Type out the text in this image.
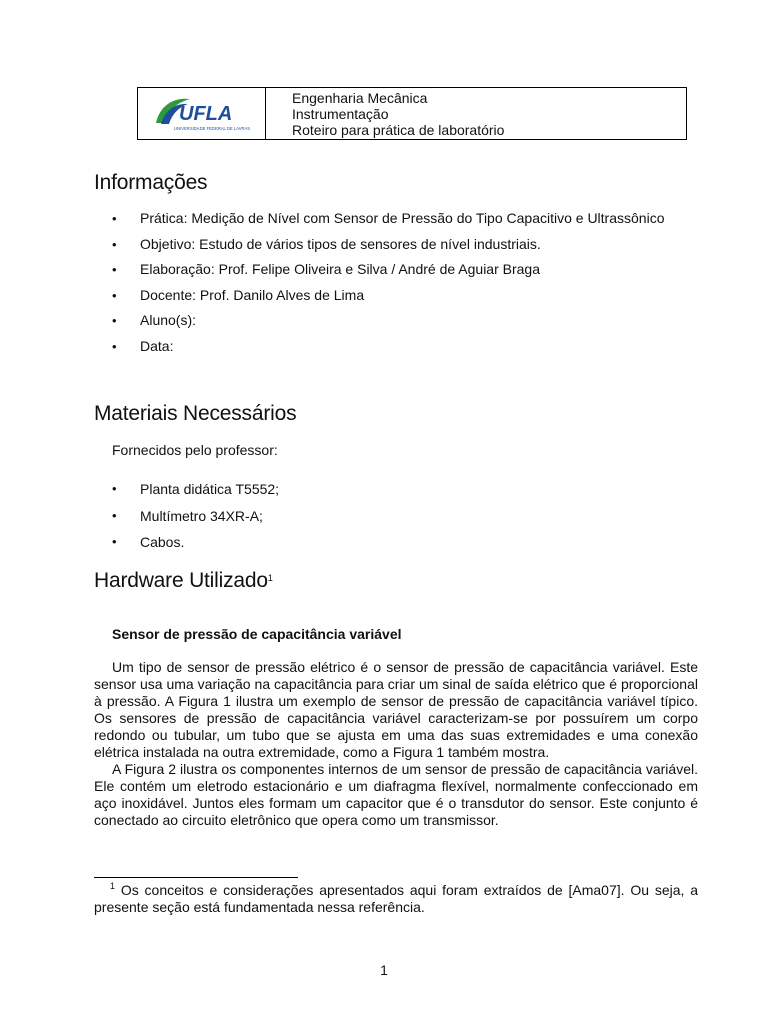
UFLA
UNIVERSIDADE FEDERAL DE LAVRAS
Engenharia Mecânica
Instrumentação
Roteiro para prática de laboratório
Informações
• Prática: Medição de Nível com Sensor de Pressão do Tipo Capacitivo e Ultrassônico
• Objetivo: Estudo de vários tipos de sensores de nível industriais.
• Elaboração: Prof. Felipe Oliveira e Silva / André de Aguiar Braga
• Docente: Prof. Danilo Alves de Lima
• Aluno(s):
• Data:
Materiais Necessários
Fornecidos pelo professor:
• Planta didática T5552;
• Multímetro 34XR-A;
• Cabos.
Hardware Utilizado$^1$
Sensor de pressão de capacitância variável

Um tipo de sensor de pressão elétrico é o sensor de pressão de capacitância variável. Este sensor usa uma variação na capacitância para criar um sinal de saída elétrico que é proporcional à pressão. A Figura 1 ilustra um exemplo de sensor de pressão de capacitância variável típico. Os sensores de pressão de capacitância variável caracterizam-se por possuírem um corpo redondo ou tubular, um tubo que se ajusta em uma das suas extremidades e uma conexão elétrica instalada na outra extremidade, como a Figura 1 também mostra.

A Figura 2 ilustra os componentes internos de um sensor de pressão de capacitância variável. Ele contém um eletrodo estacionário e um diafragma flexível, normalmente confeccionado em aço inoxidável. Juntos eles formam um capacitor que é o transdutor do sensor. Este conjunto é conectado ao circuito eletrônico que opera como um transmissor.

$^1$ Os conceitos e considerações apresentados aqui foram extraídos de [Ama07]. Ou seja, a presente seção está fundamentada nessa referência.
1
